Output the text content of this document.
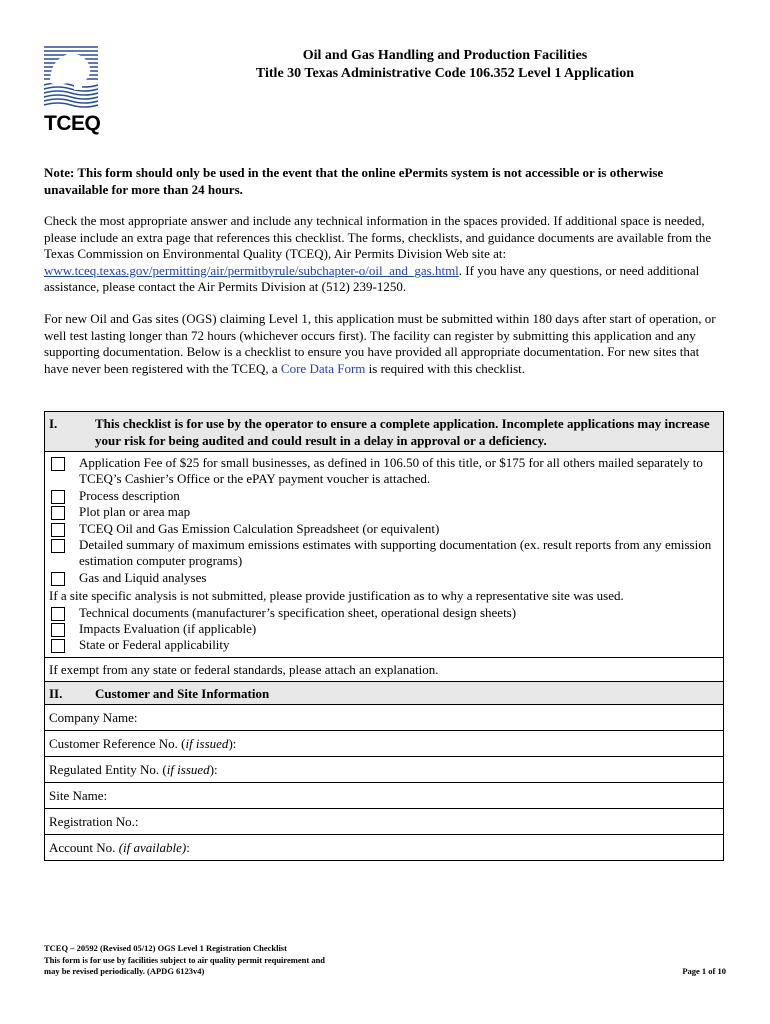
TCEQ
Oil and Gas Handling and Production Facilities
Title 30 Texas Administrative Code 106.352 Level 1 Application
Note: This form should only be used in the event that the online ePermits system is not accessible or is otherwise unavailable for more than 24 hours.
Check the most appropriate answer and include any technical information in the spaces provided. If additional space is needed, please include an extra page that references this checklist. The forms, checklists, and guidance documents are available from the Texas Commission on Environmental Quality (TCEQ), Air Permits Division Web site at: www.tceq.texas.gov/permitting/air/permitbyrule/subchapter-o/oil_and_gas.html. If you have any questions, or need additional assistance, please contact the Air Permits Division at (512) 239-1250.
For new Oil and Gas sites (OGS) claiming Level 1, this application must be submitted within 180 days after start of operation, or well test lasting longer than 72 hours (whichever occurs first). The facility can register by submitting this application and any supporting documentation. Below is a checklist to ensure you have provided all appropriate documentation. For new sites that have never been registered with the TCEQ, a Core Data Form is required with this checklist.
I.	This checklist is for use by the operator to ensure a complete application. Incomplete applications may increase your risk for being audited and could result in a delay in approval or a deficiency.
Application Fee of $25 for small businesses, as defined in 106.50 of this title, or $175 for all others mailed separately to TCEQ’s Cashier’s Office or the ePAY payment voucher is attached.
Process description
Plot plan or area map
TCEQ Oil and Gas Emission Calculation Spreadsheet (or equivalent)
Detailed summary of maximum emissions estimates with supporting documentation (ex. result reports from any emission estimation computer programs)
Gas and Liquid analyses
If a site specific analysis is not submitted, please provide justification as to why a representative site was used.
Technical documents (manufacturer’s specification sheet, operational design sheets)
Impacts Evaluation (if applicable)
State or Federal applicability
If exempt from any state or federal standards, please attach an explanation.
II.	Customer and Site Information
Company Name:
Customer Reference No. (if issued):
Regulated Entity No. (if issued):
Site Name:
Registration No.:
Account No. (if available):
TCEQ – 20592 (Revised 05/12) OGS Level 1 Registration Checklist
This form is for use by facilities subject to air quality permit requirement and
may be revised periodically. (APDG 6123v4)	Page 1 of 10
